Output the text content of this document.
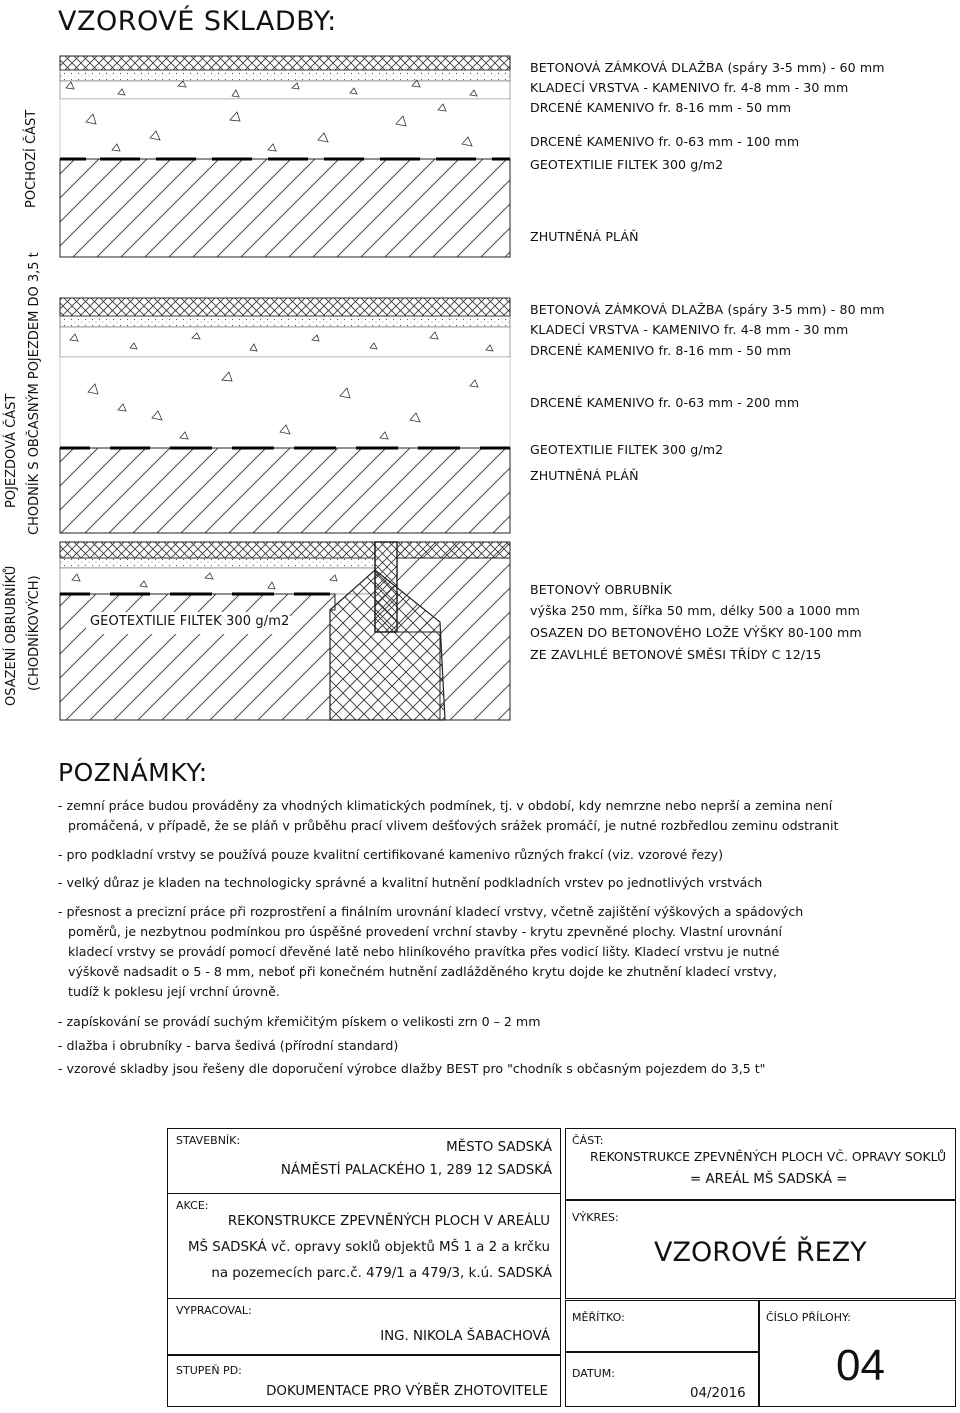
VZOROVÉ SKLADBY:
POCHOZÍ ČÁST
POJEZDOVÁ ČÁST CHODNÍK S OBČASNÝM POJEZDEM DO 3,5 t
OSAZENÍ OBRUBNÍKŮ (CHODNÍKOVÝCH)	GEOTEXTILIE FILTEK 300 g/m2
BETONOVÁ ZÁMKOVÁ DLAŽBA (spáry 3-5 mm) - 60 mm
KLADECÍ VRSTVA - KAMENIVO fr. 4-8 mm - 30 mm
DRCENÉ KAMENIVO fr. 8-16 mm - 50 mm
DRCENÉ KAMENIVO fr. 0-63 mm - 100 mm
GEOTEXTILIE FILTEK 300 g/m2
ZHUTNĚNÁ PLÁŇ
BETONOVÁ ZÁMKOVÁ DLAŽBA (spáry 3-5 mm) - 80 mm
KLADECÍ VRSTVA - KAMENIVO fr. 4-8 mm - 30 mm
DRCENÉ KAMENIVO fr. 8-16 mm - 50 mm
DRCENÉ KAMENIVO fr. 0-63 mm - 200 mm
GEOTEXTILIE FILTEK 300 g/m2
ZHUTNĚNÁ PLÁŇ
BETONOVÝ OBRUBNÍK
výška 250 mm, šířka 50 mm, délky 500 a 1000 mm
OSAZEN DO BETONOVÉHO LOŽE VÝŠKY 80-100 mm
ZE ZAVLHLÉ BETONOVÉ SMĚSI TŘÍDY C 12/15
POZNÁMKY:
- zemní práce budou prováděny za vhodných klimatických podmínek, tj. v období, kdy nemrzne nebo neprší a zemina není
promáčená, v případě, že se pláň v průběhu prací vlivem dešťových srážek promáčí, je nutné rozbředlou zeminu odstranit
- pro podkladní vrstvy se používá pouze kvalitní certifikované kamenivo různých frakcí (viz. vzorové řezy)
- velký důraz je kladen na technologicky správné a kvalitní hutnění podkladních vrstev po jednotlivých vrstvách
- přesnost a precizní práce při rozprostření a finálním urovnání kladecí vrstvy, včetně zajištění výškových a spádových
poměrů, je nezbytnou podmínkou pro úspěšné provedení vrchní stavby - krytu zpevněné plochy. Vlastní urovnání
kladecí vrstvy se provádí pomocí dřevěné latě nebo hliníkového pravítka přes vodicí lišty. Kladecí vrstvu je nutné
výškově nadsadit o 5 - 8 mm, neboť při konečném hutnění zadlážděného krytu dojde ke zhutnění kladecí vrstvy,
tudíž k poklesu její vrchní úrovně.
- zapískování se provádí suchým křemičitým pískem o velikosti zrn 0 – 2 mm
- dlažba i obrubníky - barva šedivá (přírodní standard)
- vzorové skladby jsou řešeny dle doporučení výrobce dlažby BEST pro "chodník s občasným pojezdem do 3,5 t"
STAVEBNÍK:	MĚSTO SADSKÁ
NÁMĚSTÍ PALACKÉHO 1, 289 12 SADSKÁ
AKCE:
REKONSTRUKCE ZPEVNĚNÝCH PLOCH V AREÁLU
MŠ SADSKÁ vč. opravy soklů objektů MŠ 1 a 2 a krčku
na pozemecích parc.č. 479/1 a 479/3, k.ú. SADSKÁ
VYPRACOVAL:
ING. NIKOLA ŠABACHOVÁ
STUPEŇ PD:
DOKUMENTACE PRO VÝBĚR ZHOTOVITELE
ČÁST:
REKONSTRUKCE ZPEVNĚNÝCH PLOCH VČ. OPRAVY SOKLŮ
= AREÁL MŠ SADSKÁ =
VÝKRES:
VZOROVÉ ŘEZY
MĚŘÍTKO:
DATUM:
04/2016
ČÍSLO PŘÍLOHY:
04
